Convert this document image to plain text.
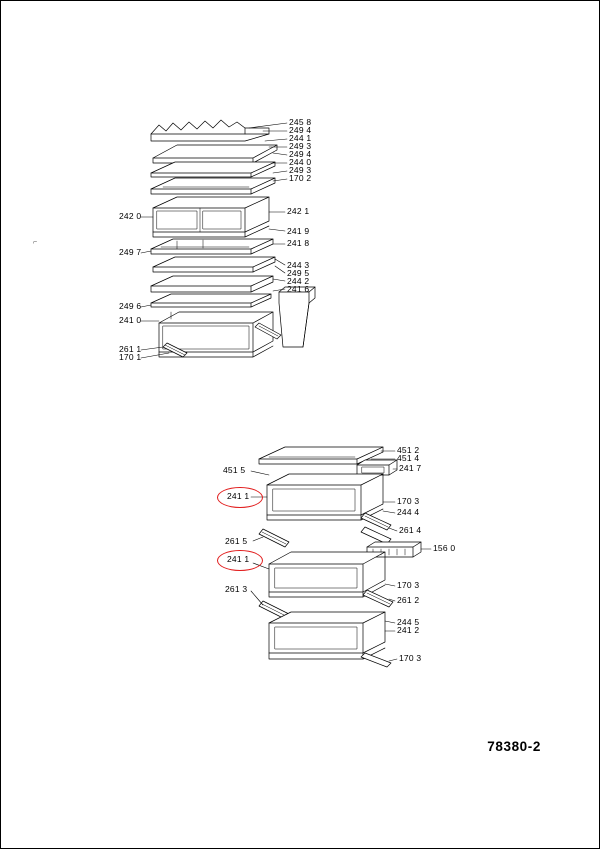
245 8
249 4
244 1
249 3
249 4
244 0
249 3
170 2
242 1
241 9
241 8
244 3
249 5
244 2
241 6
242 0
249 7
249 6
241 0
261 1
170 1
451 2
451 4
241 7
170 3
244 4
261 4
156 0
170 3
261 2
244 5
241 2
170 3
451 5
241 1
261 5
241 1
261 3
⌐
78380-2
